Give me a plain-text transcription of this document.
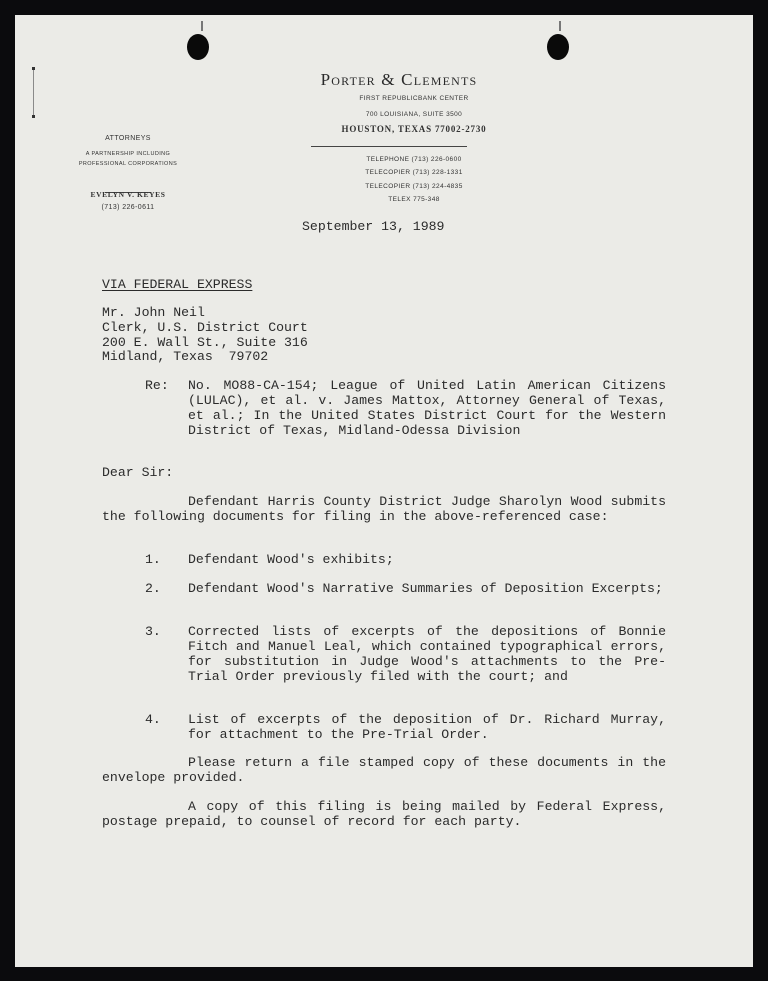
Porter & Clements
FIRST REPUBLICBANK CENTER
700 LOUISIANA, SUITE 3500
HOUSTON, TEXAS 77002-2730
TELEPHONE (713) 226-0600
TELECOPIER (713) 228-1331
TELECOPIER (713) 224-4835
TELEX 775-348
ATTORNEYS
A PARTNERSHIP INCLUDING
PROFESSIONAL CORPORATIONS
EVELYN V. KEYES
(713) 226-0611
September 13, 1989
VIA FEDERAL EXPRESS
Mr. John Neil
Clerk, U.S. District Court
200 E. Wall St., Suite 316
Midland, Texas  79702
Re: No. MO88-CA-154; League of United Latin American Citizens (LULAC), et al. v. James Mattox, Attorney General of Texas, et al.; In the United States District Court for the Western District of Texas, Midland-Odessa Division
Dear Sir:
Defendant Harris County District Judge Sharolyn Wood submits the following documents for filing in the above-referenced case:
1. Defendant Wood's exhibits;
2. Defendant Wood's Narrative Summaries of Deposition Excerpts;
3. Corrected lists of excerpts of the depositions of Bonnie Fitch and Manuel Leal, which contained typographical errors, for substitution in Judge Wood's attachments to the Pre-Trial Order previously filed with the court; and
4. List of excerpts of the deposition of Dr. Richard Murray, for attachment to the Pre-Trial Order.
Please return a file stamped copy of these documents in the envelope provided.
A copy of this filing is being mailed by Federal Express, postage prepaid, to counsel of record for each party.
